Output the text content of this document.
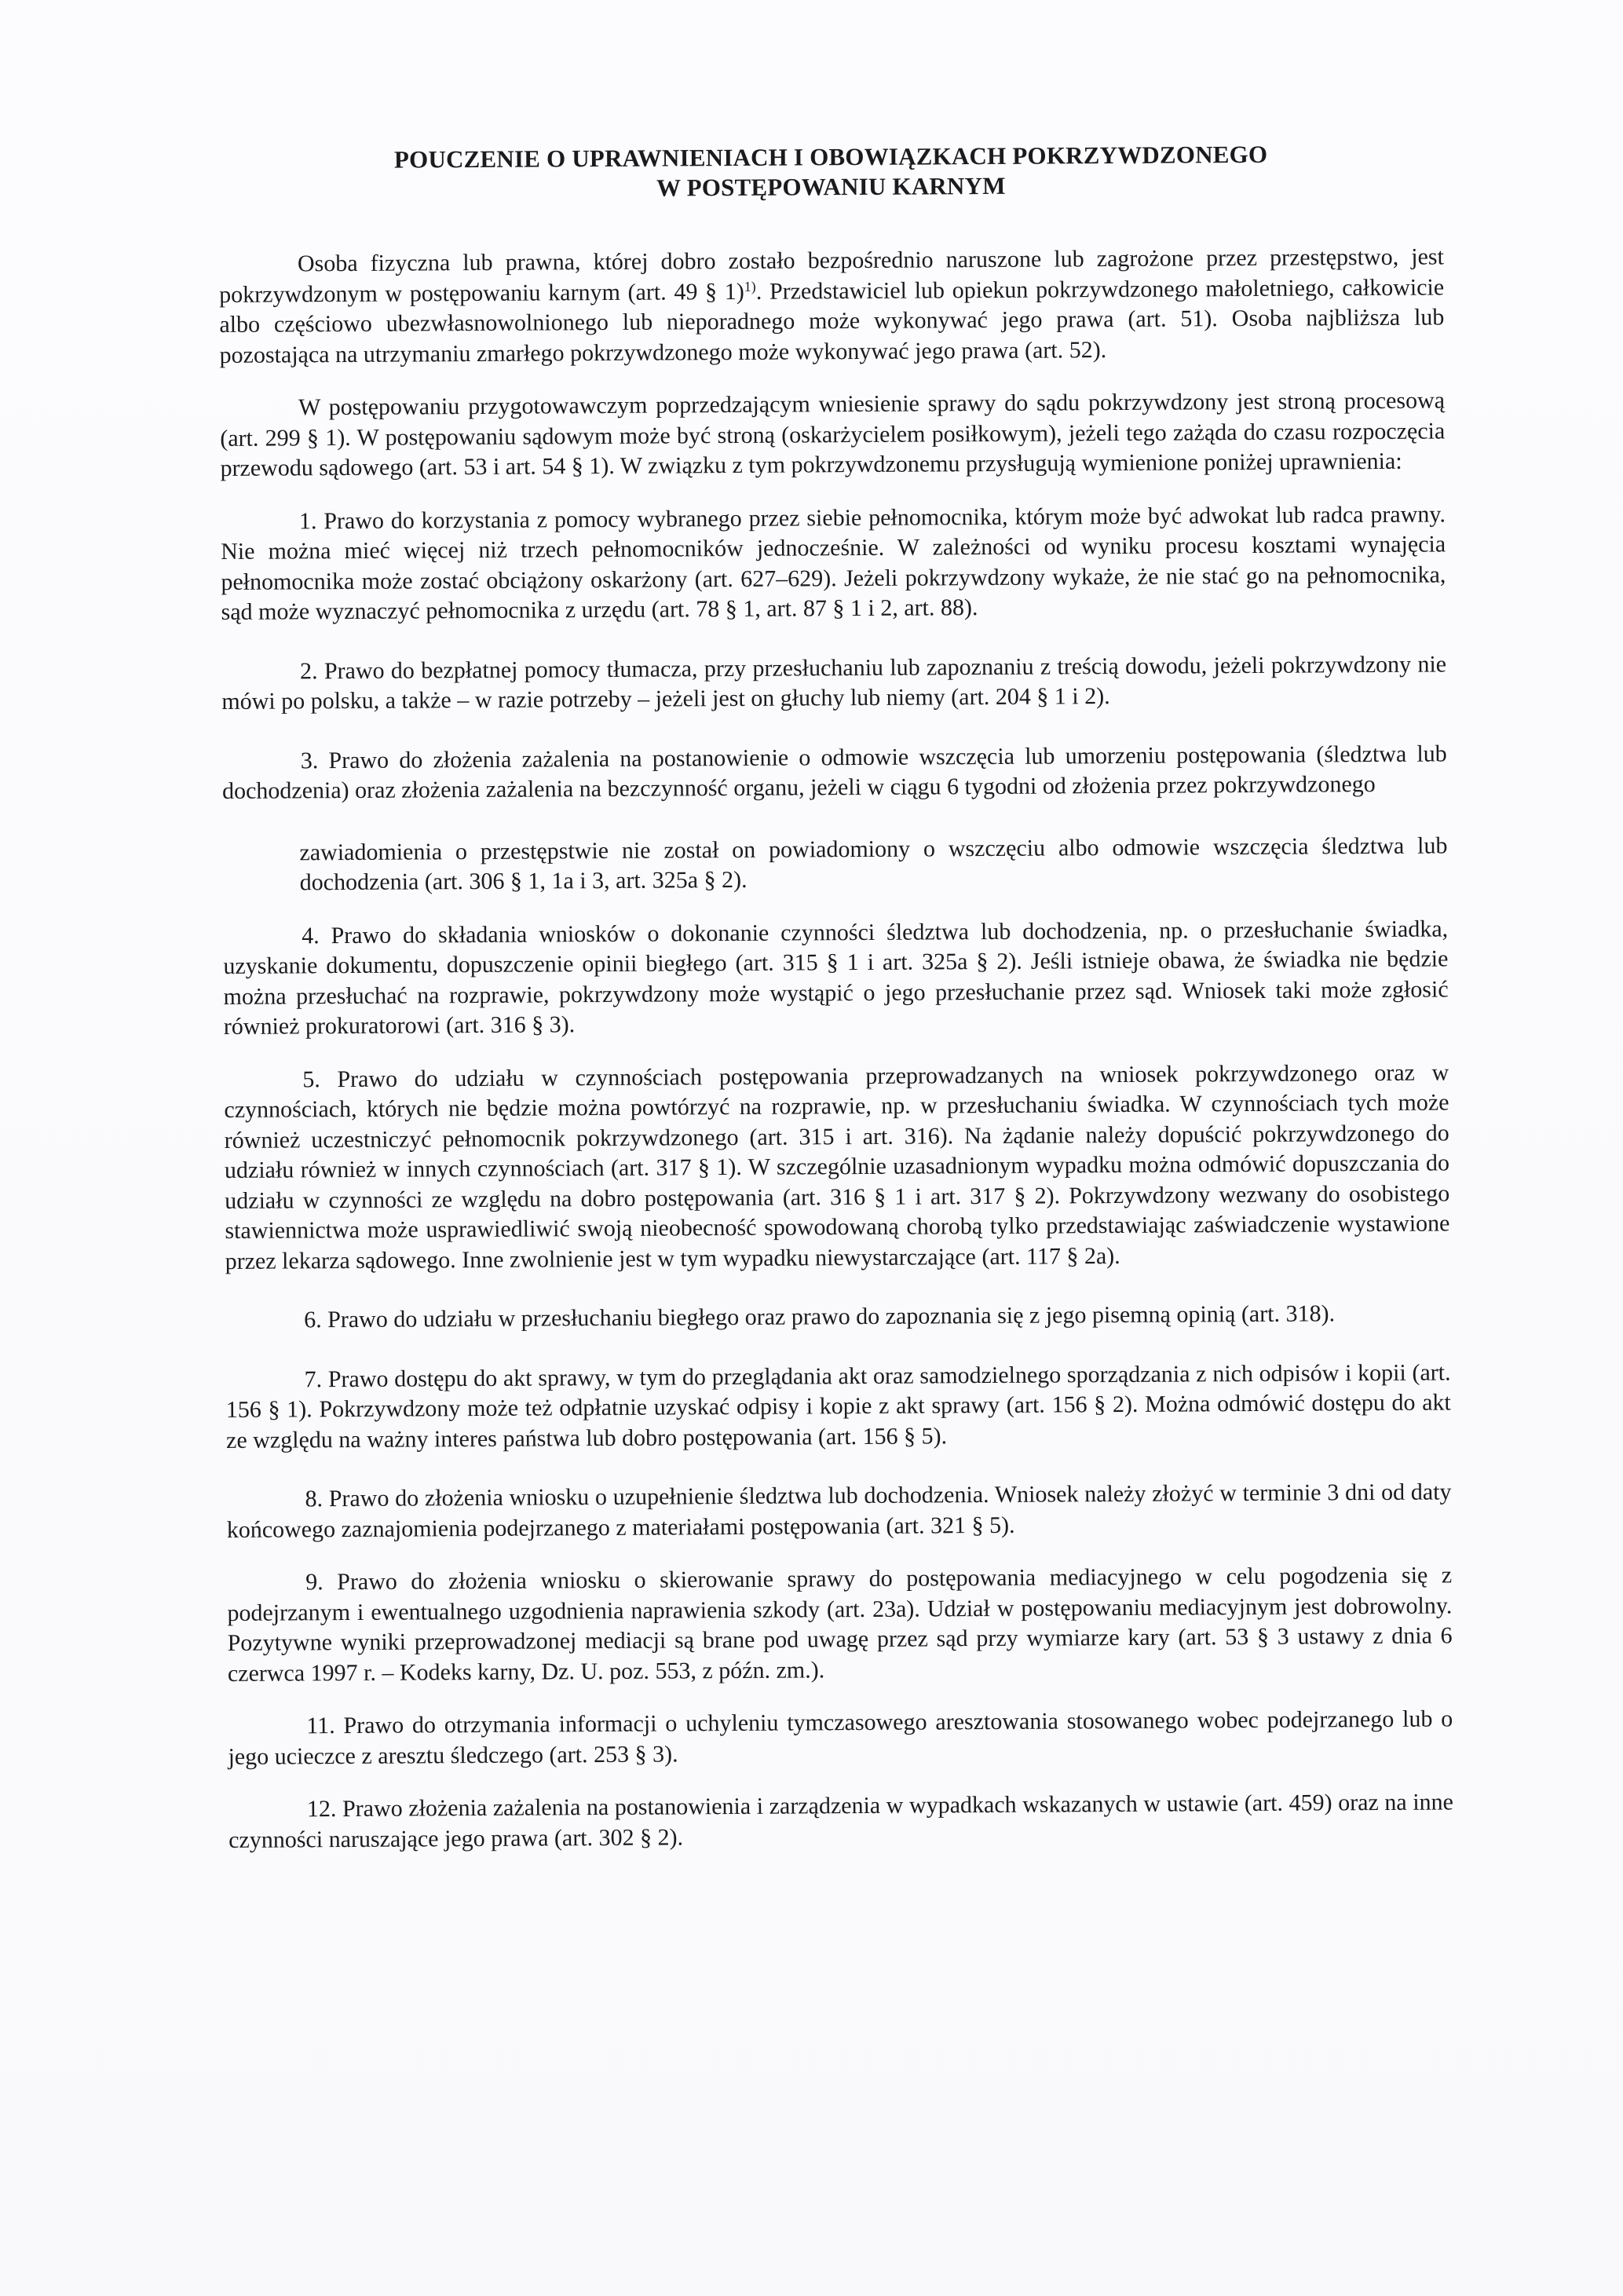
POUCZENIE O UPRAWNIENIACH I OBOWIĄZKACH POKRZYWDZONEGO
W POSTĘPOWANIU KARNYM

Osoba fizyczna lub prawna, której dobro zostało bezpośrednio naruszone lub zagrożone przez przestępstwo, jest pokrzywdzonym w postępowaniu karnym (art. 49 § 1)$^{1)}$. Przedstawiciel lub opiekun pokrzywdzonego małoletniego, całkowicie albo częściowo ubezwłasnowolnionego lub nieporadnego może wykonywać jego prawa (art. 51). Osoba najbliższa lub pozostająca na utrzymaniu zmarłego pokrzywdzonego może wykonywać jego prawa (art. 52).

W postępowaniu przygotowawczym poprzedzającym wniesienie sprawy do sądu pokrzywdzony jest stroną procesową (art. 299 § 1). W postępowaniu sądowym może być stroną (oskarżycielem posiłkowym), jeżeli tego zażąda do czasu rozpoczęcia przewodu sądowego (art. 53 i art. 54 § 1). W związku z tym pokrzywdzonemu przysługują wymienione poniżej uprawnienia:

1. Prawo do korzystania z pomocy wybranego przez siebie pełnomocnika, którym może być adwokat lub radca prawny. Nie można mieć więcej niż trzech pełnomocników jednocześnie. W zależności od wyniku procesu kosztami wynajęcia pełnomocnika może zostać obciążony oskarżony (art. 627–629). Jeżeli pokrzywdzony wykaże, że nie stać go na pełnomocnika, sąd może wyznaczyć pełnomocnika z urzędu (art. 78 § 1, art. 87 § 1 i 2, art. 88).

2. Prawo do bezpłatnej pomocy tłumacza, przy przesłuchaniu lub zapoznaniu z treścią dowodu, jeżeli pokrzywdzony nie mówi po polsku, a także – w razie potrzeby – jeżeli jest on głuchy lub niemy (art. 204 § 1 i 2).

3. Prawo do złożenia zażalenia na postanowienie o odmowie wszczęcia lub umorzeniu postępowania (śledztwa lub dochodzenia) oraz złożenia zażalenia na bezczynność organu, jeżeli w ciągu 6 tygodni od złożenia przez pokrzywdzonego

zawiadomienia o przestępstwie nie został on powiadomiony o wszczęciu albo odmowie wszczęcia śledztwa lub dochodzenia (art. 306 § 1, 1a i 3, art. 325a § 2).

4. Prawo do składania wniosków o dokonanie czynności śledztwa lub dochodzenia, np. o przesłuchanie świadka, uzyskanie dokumentu, dopuszczenie opinii biegłego (art. 315 § 1 i art. 325a § 2). Jeśli istnieje obawa, że świadka nie będzie można przesłuchać na rozprawie, pokrzywdzony może wystąpić o jego przesłuchanie przez sąd. Wniosek taki może zgłosić również prokuratorowi (art. 316 § 3).

5. Prawo do udziału w czynnościach postępowania przeprowadzanych na wniosek pokrzywdzonego oraz w czynnościach, których nie będzie można powtórzyć na rozprawie, np. w przesłuchaniu świadka. W czynnościach tych może również uczestniczyć pełnomocnik pokrzywdzonego (art. 315 i art. 316). Na żądanie należy dopuścić pokrzywdzonego do udziału również w innych czynnościach (art. 317 § 1). W szczególnie uzasadnionym wypadku można odmówić dopuszczania do udziału w czynności ze względu na dobro postępowania (art. 316 § 1 i art. 317 § 2). Pokrzywdzony wezwany do osobistego stawiennictwa może usprawiedliwić swoją nieobecność spowodowaną chorobą tylko przedstawiając zaświadczenie wystawione przez lekarza sądowego. Inne zwolnienie jest w tym wypadku niewystarczające (art. 117 § 2a).

6. Prawo do udziału w przesłuchaniu biegłego oraz prawo do zapoznania się z jego pisemną opinią (art. 318).

7. Prawo dostępu do akt sprawy, w tym do przeglądania akt oraz samodzielnego sporządzania z nich odpisów i kopii (art. 156 § 1). Pokrzywdzony może też odpłatnie uzyskać odpisy i kopie z akt sprawy (art. 156 § 2). Można odmówić dostępu do akt ze względu na ważny interes państwa lub dobro postępowania (art. 156 § 5).

8. Prawo do złożenia wniosku o uzupełnienie śledztwa lub dochodzenia. Wniosek należy złożyć w terminie 3 dni od daty końcowego zaznajomienia podejrzanego z materiałami postępowania (art. 321 § 5).

9. Prawo do złożenia wniosku o skierowanie sprawy do postępowania mediacyjnego w celu pogodzenia się z podejrzanym i ewentualnego uzgodnienia naprawienia szkody (art. 23a). Udział w postępowaniu mediacyjnym jest dobrowolny. Pozytywne wyniki przeprowadzonej mediacji są brane pod uwagę przez sąd przy wymiarze kary (art. 53 § 3 ustawy z dnia 6 czerwca 1997 r. – Kodeks karny, Dz. U. poz. 553, z późn. zm.).

11. Prawo do otrzymania informacji o uchyleniu tymczasowego aresztowania stosowanego wobec podejrzanego lub o jego ucieczce z aresztu śledczego (art. 253 § 3).

12. Prawo złożenia zażalenia na postanowienia i zarządzenia w wypadkach wskazanych w ustawie (art. 459) oraz na inne czynności naruszające jego prawa (art. 302 § 2).
